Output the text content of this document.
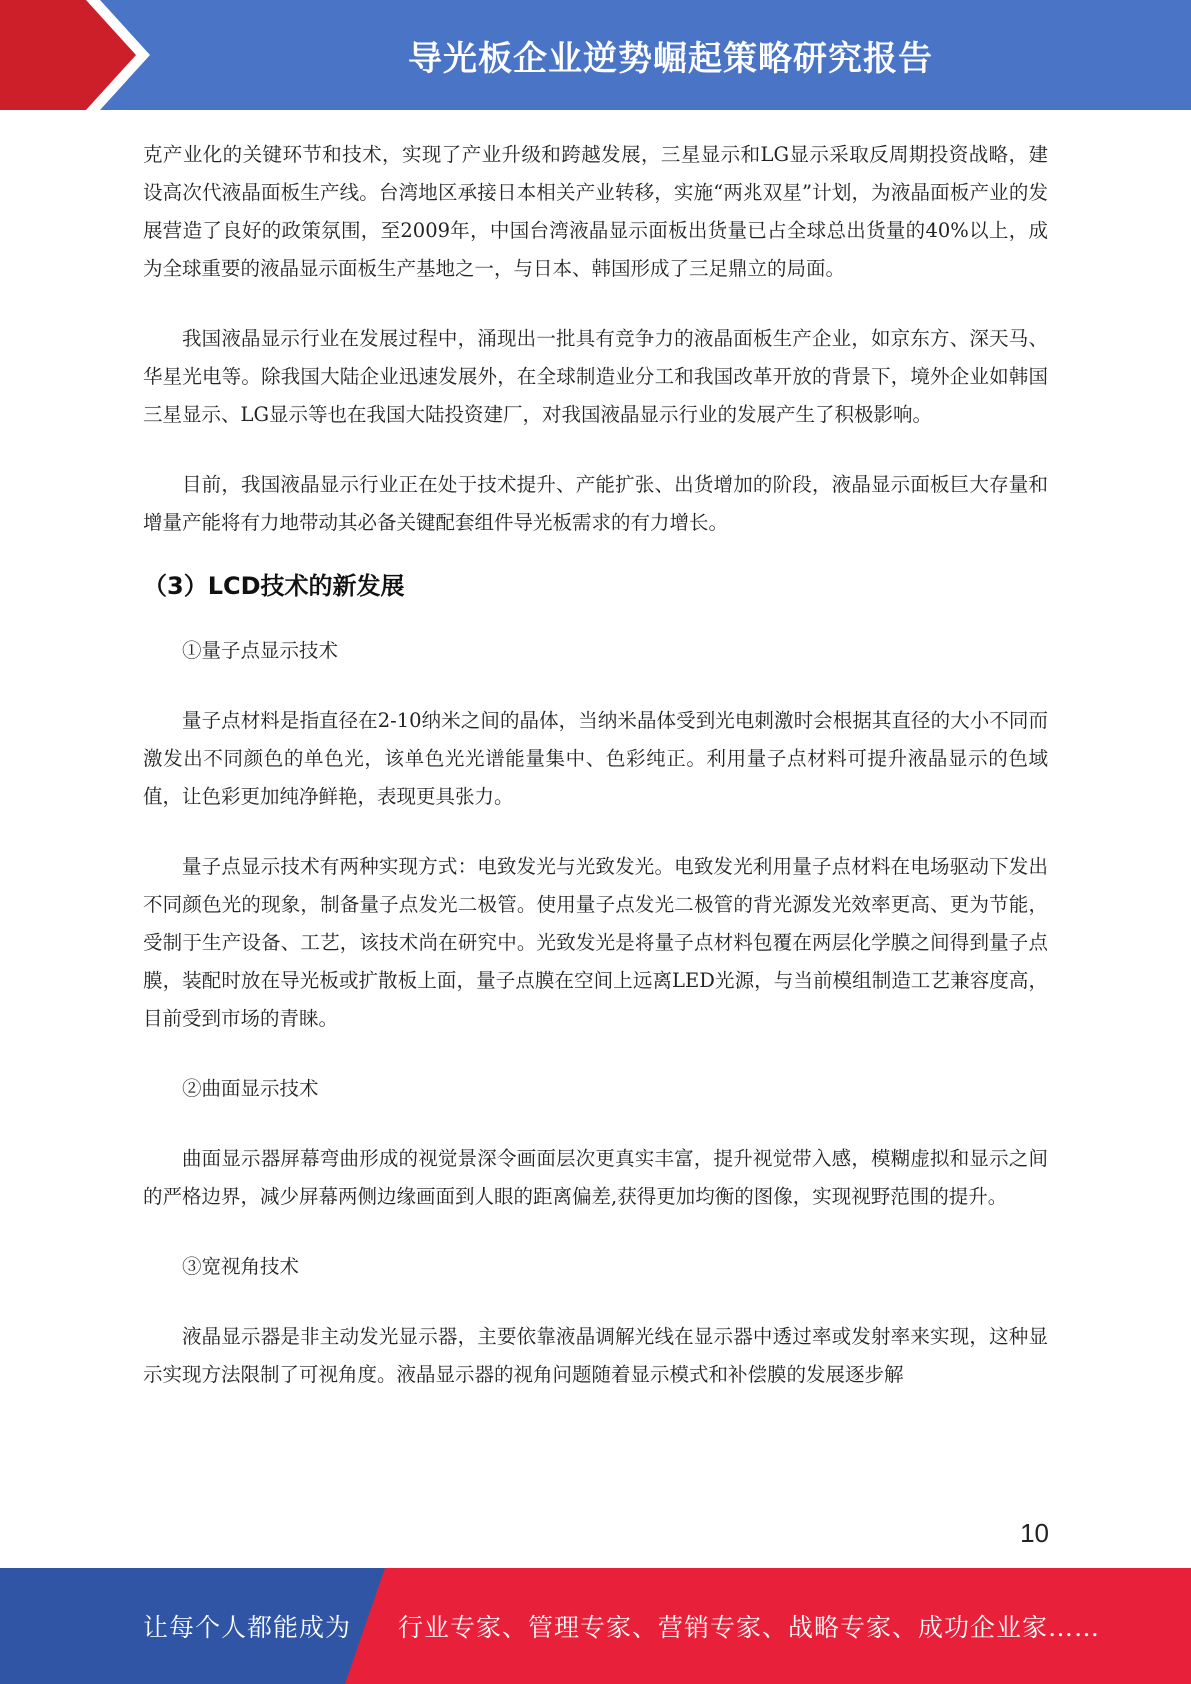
导光板企业逆势崛起策略研究报告

克产业化的关键环节和技术，实现了产业升级和跨越发展，三星显示和LG显示采取反周期投资战略，建设高次代液晶面板生产线。台湾地区承接日本相关产业转移，实施“两兆双星”计划，为液晶面板产业的发展营造了良好的政策氛围，至2009年，中国台湾液晶显示面板出货量已占全球总出货量的40%以上，成为全球重要的液晶显示面板生产基地之一，与日本、韩国形成了三足鼎立的局面。

我国液晶显示行业在发展过程中，涌现出一批具有竞争力的液晶面板生产企业，如京东方、深天马、华星光电等。除我国大陆企业迅速发展外，在全球制造业分工和我国改革开放的背景下，境外企业如韩国三星显示、LG显示等也在我国大陆投资建厂，对我国液晶显示行业的发展产生了积极影响。

目前，我国液晶显示行业正在处于技术提升、产能扩张、出货增加的阶段，液晶显示面板巨大存量和增量产能将有力地带动其必备关键配套组件导光板需求的有力增长。

（3）LCD技术的新发展

①量子点显示技术

量子点材料是指直径在2-10纳米之间的晶体，当纳米晶体受到光电刺激时会根据其直径的大小不同而激发出不同颜色的单色光，该单色光光谱能量集中、色彩纯正。利用量子点材料可提升液晶显示的色域值，让色彩更加纯净鲜艳，表现更具张力。

量子点显示技术有两种实现方式：电致发光与光致发光。电致发光利用量子点材料在电场驱动下发出不同颜色光的现象，制备量子点发光二极管。使用量子点发光二极管的背光源发光效率更高、更为节能，受制于生产设备、工艺，该技术尚在研究中。光致发光是将量子点材料包覆在两层化学膜之间得到量子点膜，装配时放在导光板或扩散板上面，量子点膜在空间上远离LED光源，与当前模组制造工艺兼容度高，目前受到市场的青睐。

②曲面显示技术

曲面显示器屏幕弯曲形成的视觉景深令画面层次更真实丰富，提升视觉带入感，模糊虚拟和显示之间的严格边界，减少屏幕两侧边缘画面到人眼的距离偏差,获得更加均衡的图像，实现视野范围的提升。

③宽视角技术

液晶显示器是非主动发光显示器，主要依靠液晶调解光线在显示器中透过率或发射率来实现，这种显示实现方法限制了可视角度。液晶显示器的视角问题随着显示模式和补偿膜的发展逐步解

10
让每个人都能成为 行业专家、管理专家、营销专家、战略专家、成功企业家……
